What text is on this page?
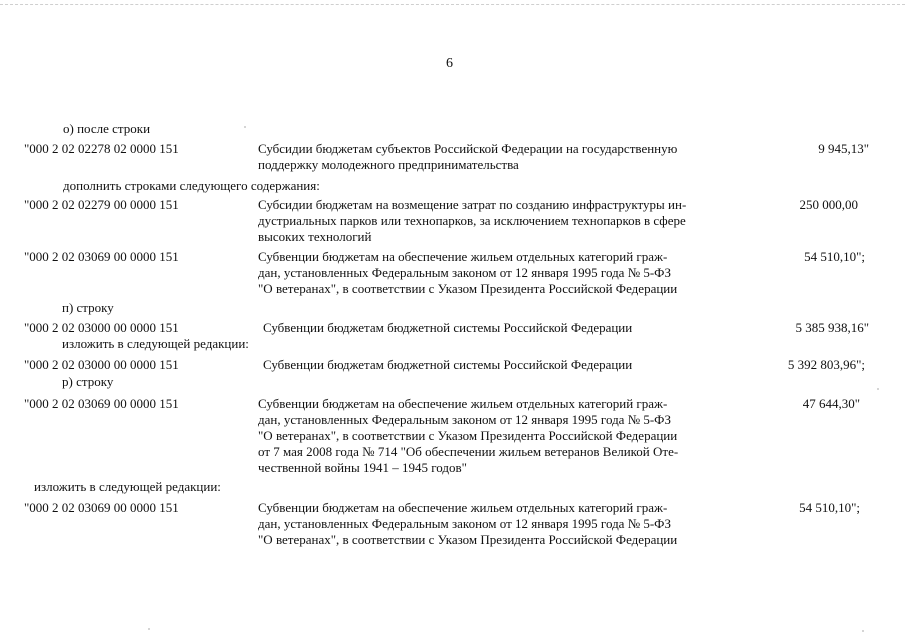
6
о) после строки
"000 2 02 02278 02 0000 151	Субсидии бюджетам субъектов Российской Федерации на государственную
поддержку молодежного предпринимательства
9 945,13"
дополнить строками следующего содержания:
"000 2 02 02279 00 0000 151	Субсидии бюджетам на возмещение затрат по созданию инфраструктуры ин-
дустриальных парков или технопарков, за исключением технопарков в сфере
высоких технологий
250 000,00
"000 2 02 03069 00 0000 151	Субвенции бюджетам на обеспечение жильем отдельных категорий граж-
дан, установленных Федеральным законом от 12 января 1995 года № 5-ФЗ
"О ветеранах", в соответствии с Указом Президента Российской Федерации
54 510,10";
п) строку
"000 2 02 03000 00 0000 151	Субвенции бюджетам бюджетной системы Российской Федерации	5 385 938,16"
изложить в следующей редакции:
"000 2 02 03000 00 0000 151	Субвенции бюджетам бюджетной системы Российской Федерации	5 392 803,96";
р) строку
"000 2 02 03069 00 0000 151	Субвенции бюджетам на обеспечение жильем отдельных категорий граж-
дан, установленных Федеральным законом от 12 января 1995 года № 5-ФЗ
"О ветеранах", в соответствии с Указом Президента Российской Федерации
от 7 мая 2008 года № 714 "Об обеспечении жильем ветеранов Великой Оте-
чественной войны 1941 – 1945 годов"
47 644,30"
изложить в следующей редакции:
"000 2 02 03069 00 0000 151	Субвенции бюджетам на обеспечение жильем отдельных категорий граж-
дан, установленных Федеральным законом от 12 января 1995 года № 5-ФЗ
"О ветеранах", в соответствии с Указом Президента Российской Федерации
54 510,10";
